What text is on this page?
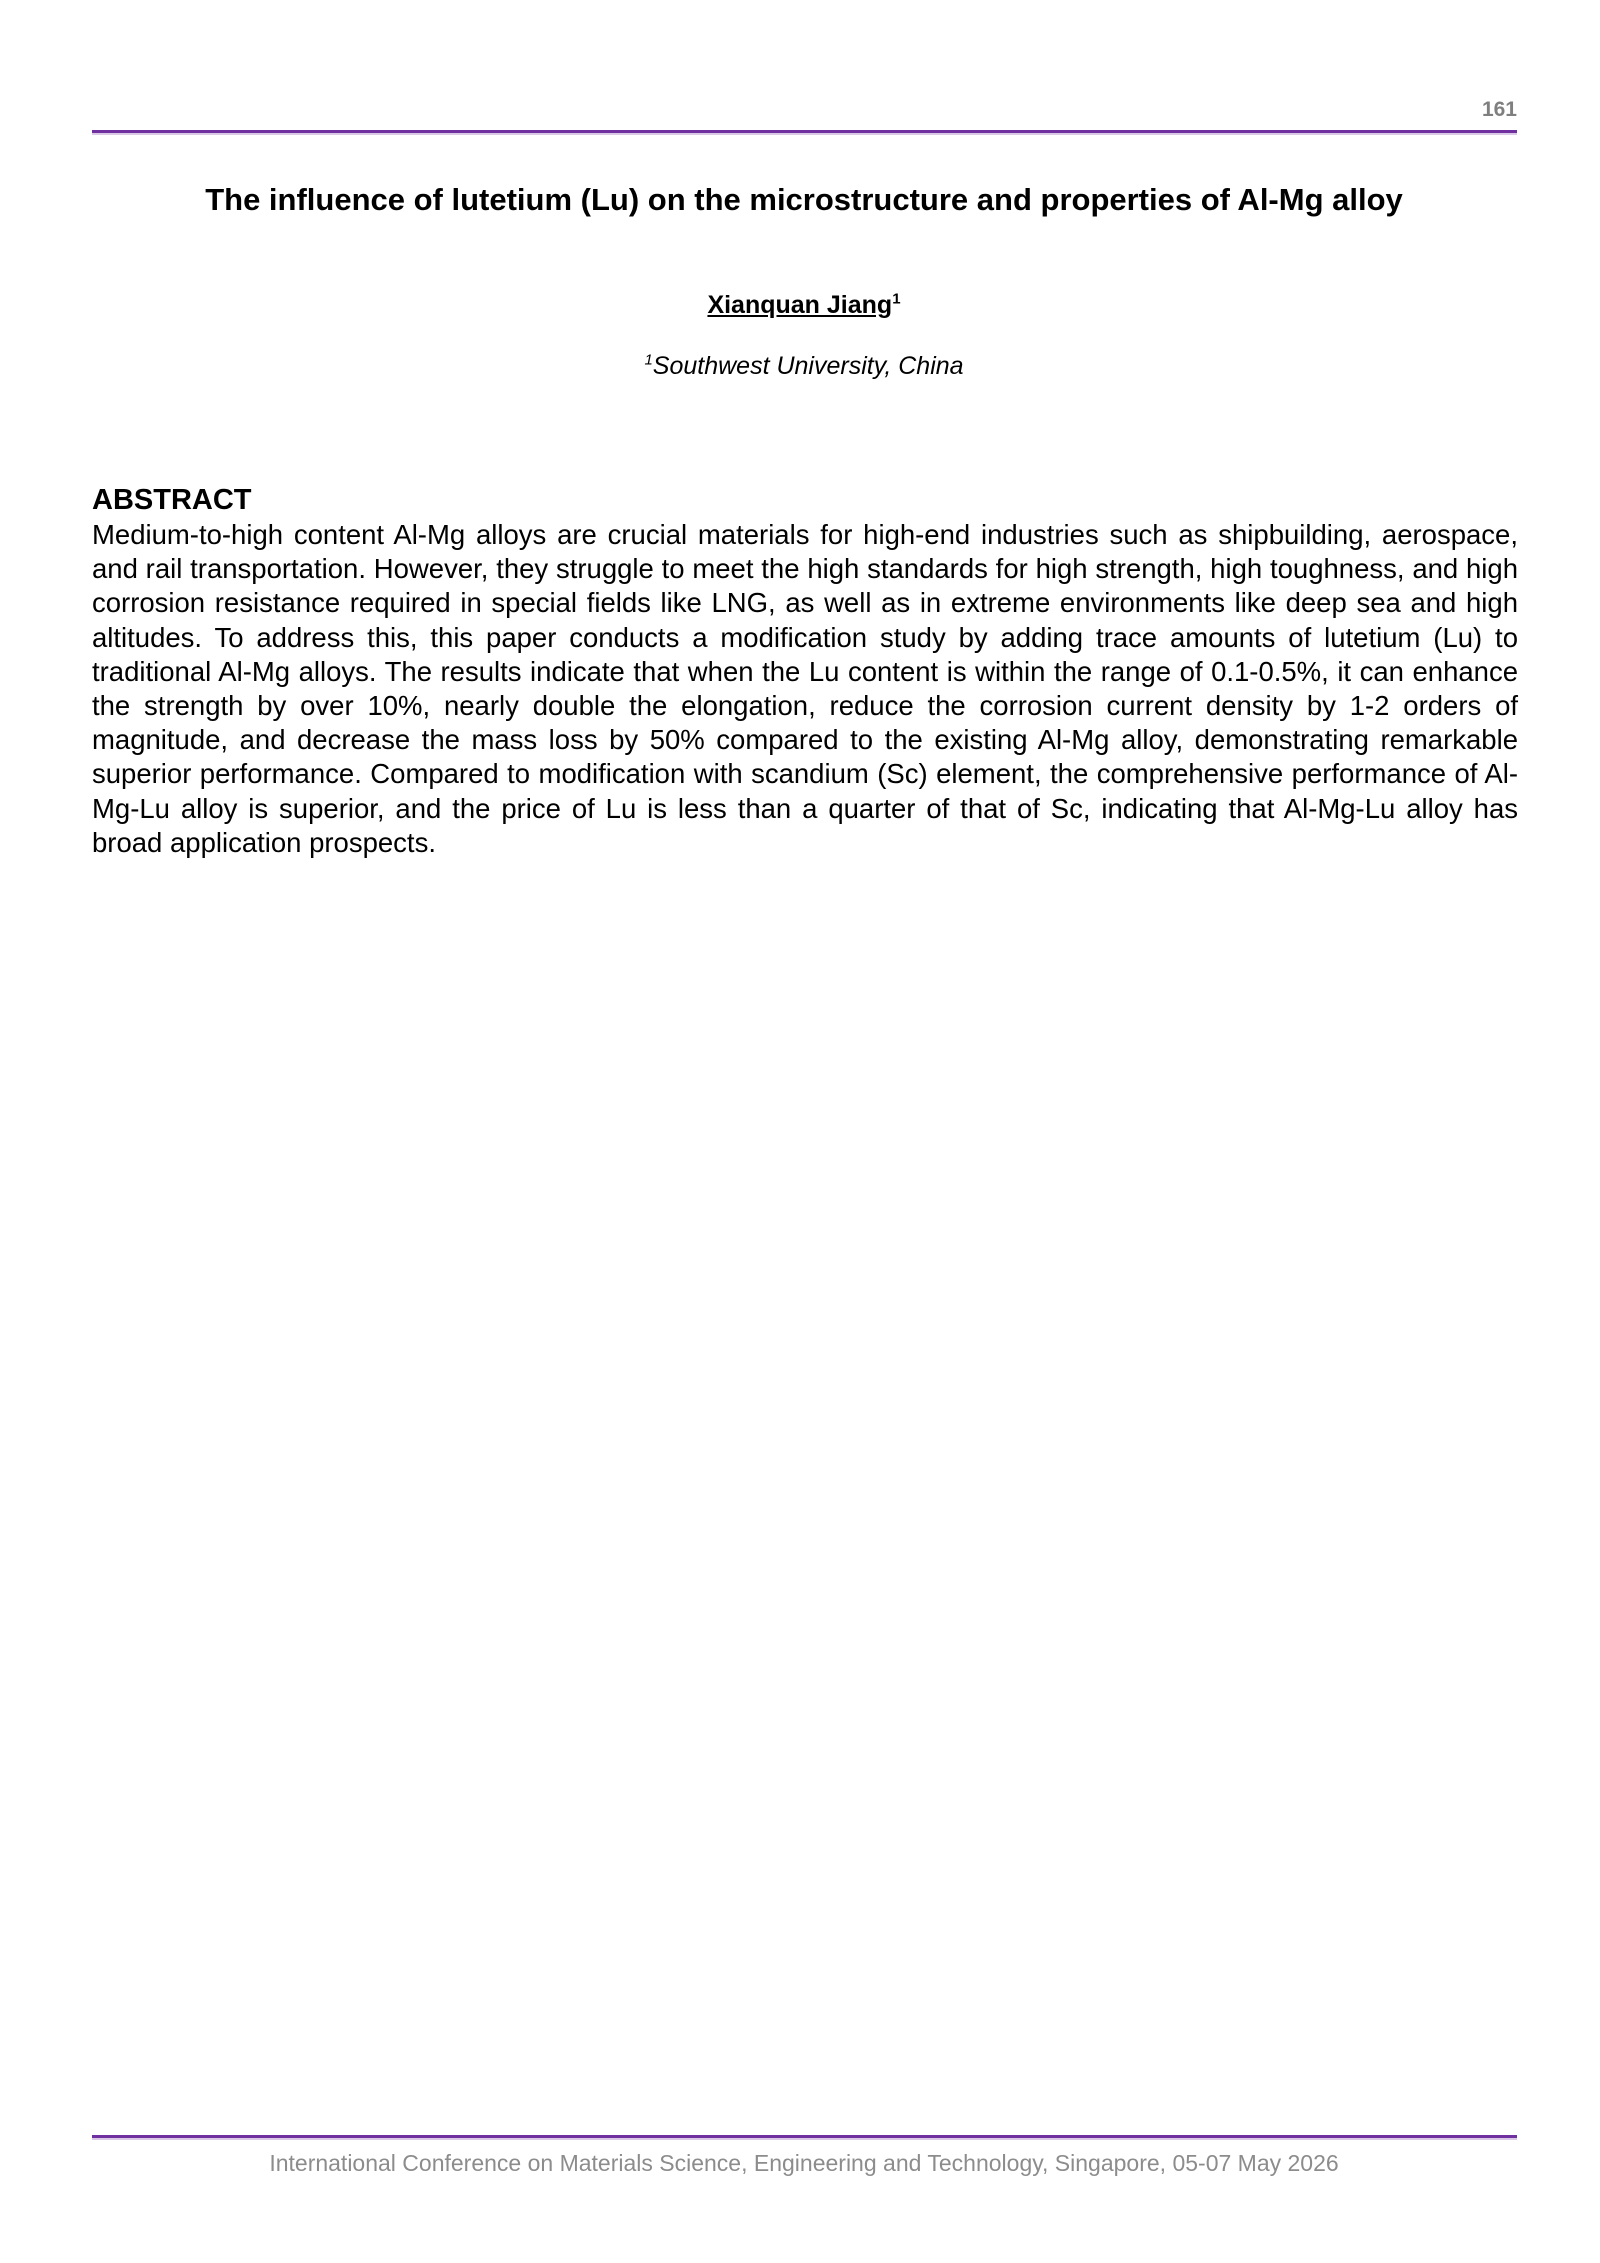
161
The influence of lutetium (Lu) on the microstructure and properties of Al-Mg alloy
Xianquan Jiang$^1$
$^1$Southwest University, China
ABSTRACT

Medium-to-high content Al-Mg alloys are crucial materials for high-end industries such as shipbuilding, aerospace, and rail transportation. However, they struggle to meet the high standards for high strength, high toughness, and high corrosion resistance required in special fields like LNG, as well as in extreme environments like deep sea and high altitudes. To address this, this paper conducts a modification study by adding trace amounts of lutetium (Lu) to traditional Al-Mg alloys. The results indicate that when the Lu content is within the range of 0.1-0.5%, it can enhance the strength by over 10%, nearly double the elongation, reduce the corrosion current density by 1-2 orders of magnitude, and decrease the mass loss by 50% compared to the existing Al-Mg alloy, demonstrating remarkable superior performance. Compared to modification with scandium (Sc) element, the comprehensive performance of Al-Mg-Lu alloy is superior, and the price of Lu is less than a quarter of that of Sc, indicating that Al-Mg-Lu alloy has broad application prospects.

International Conference on Materials Science, Engineering and Technology, Singapore, 05-07 May 2026
